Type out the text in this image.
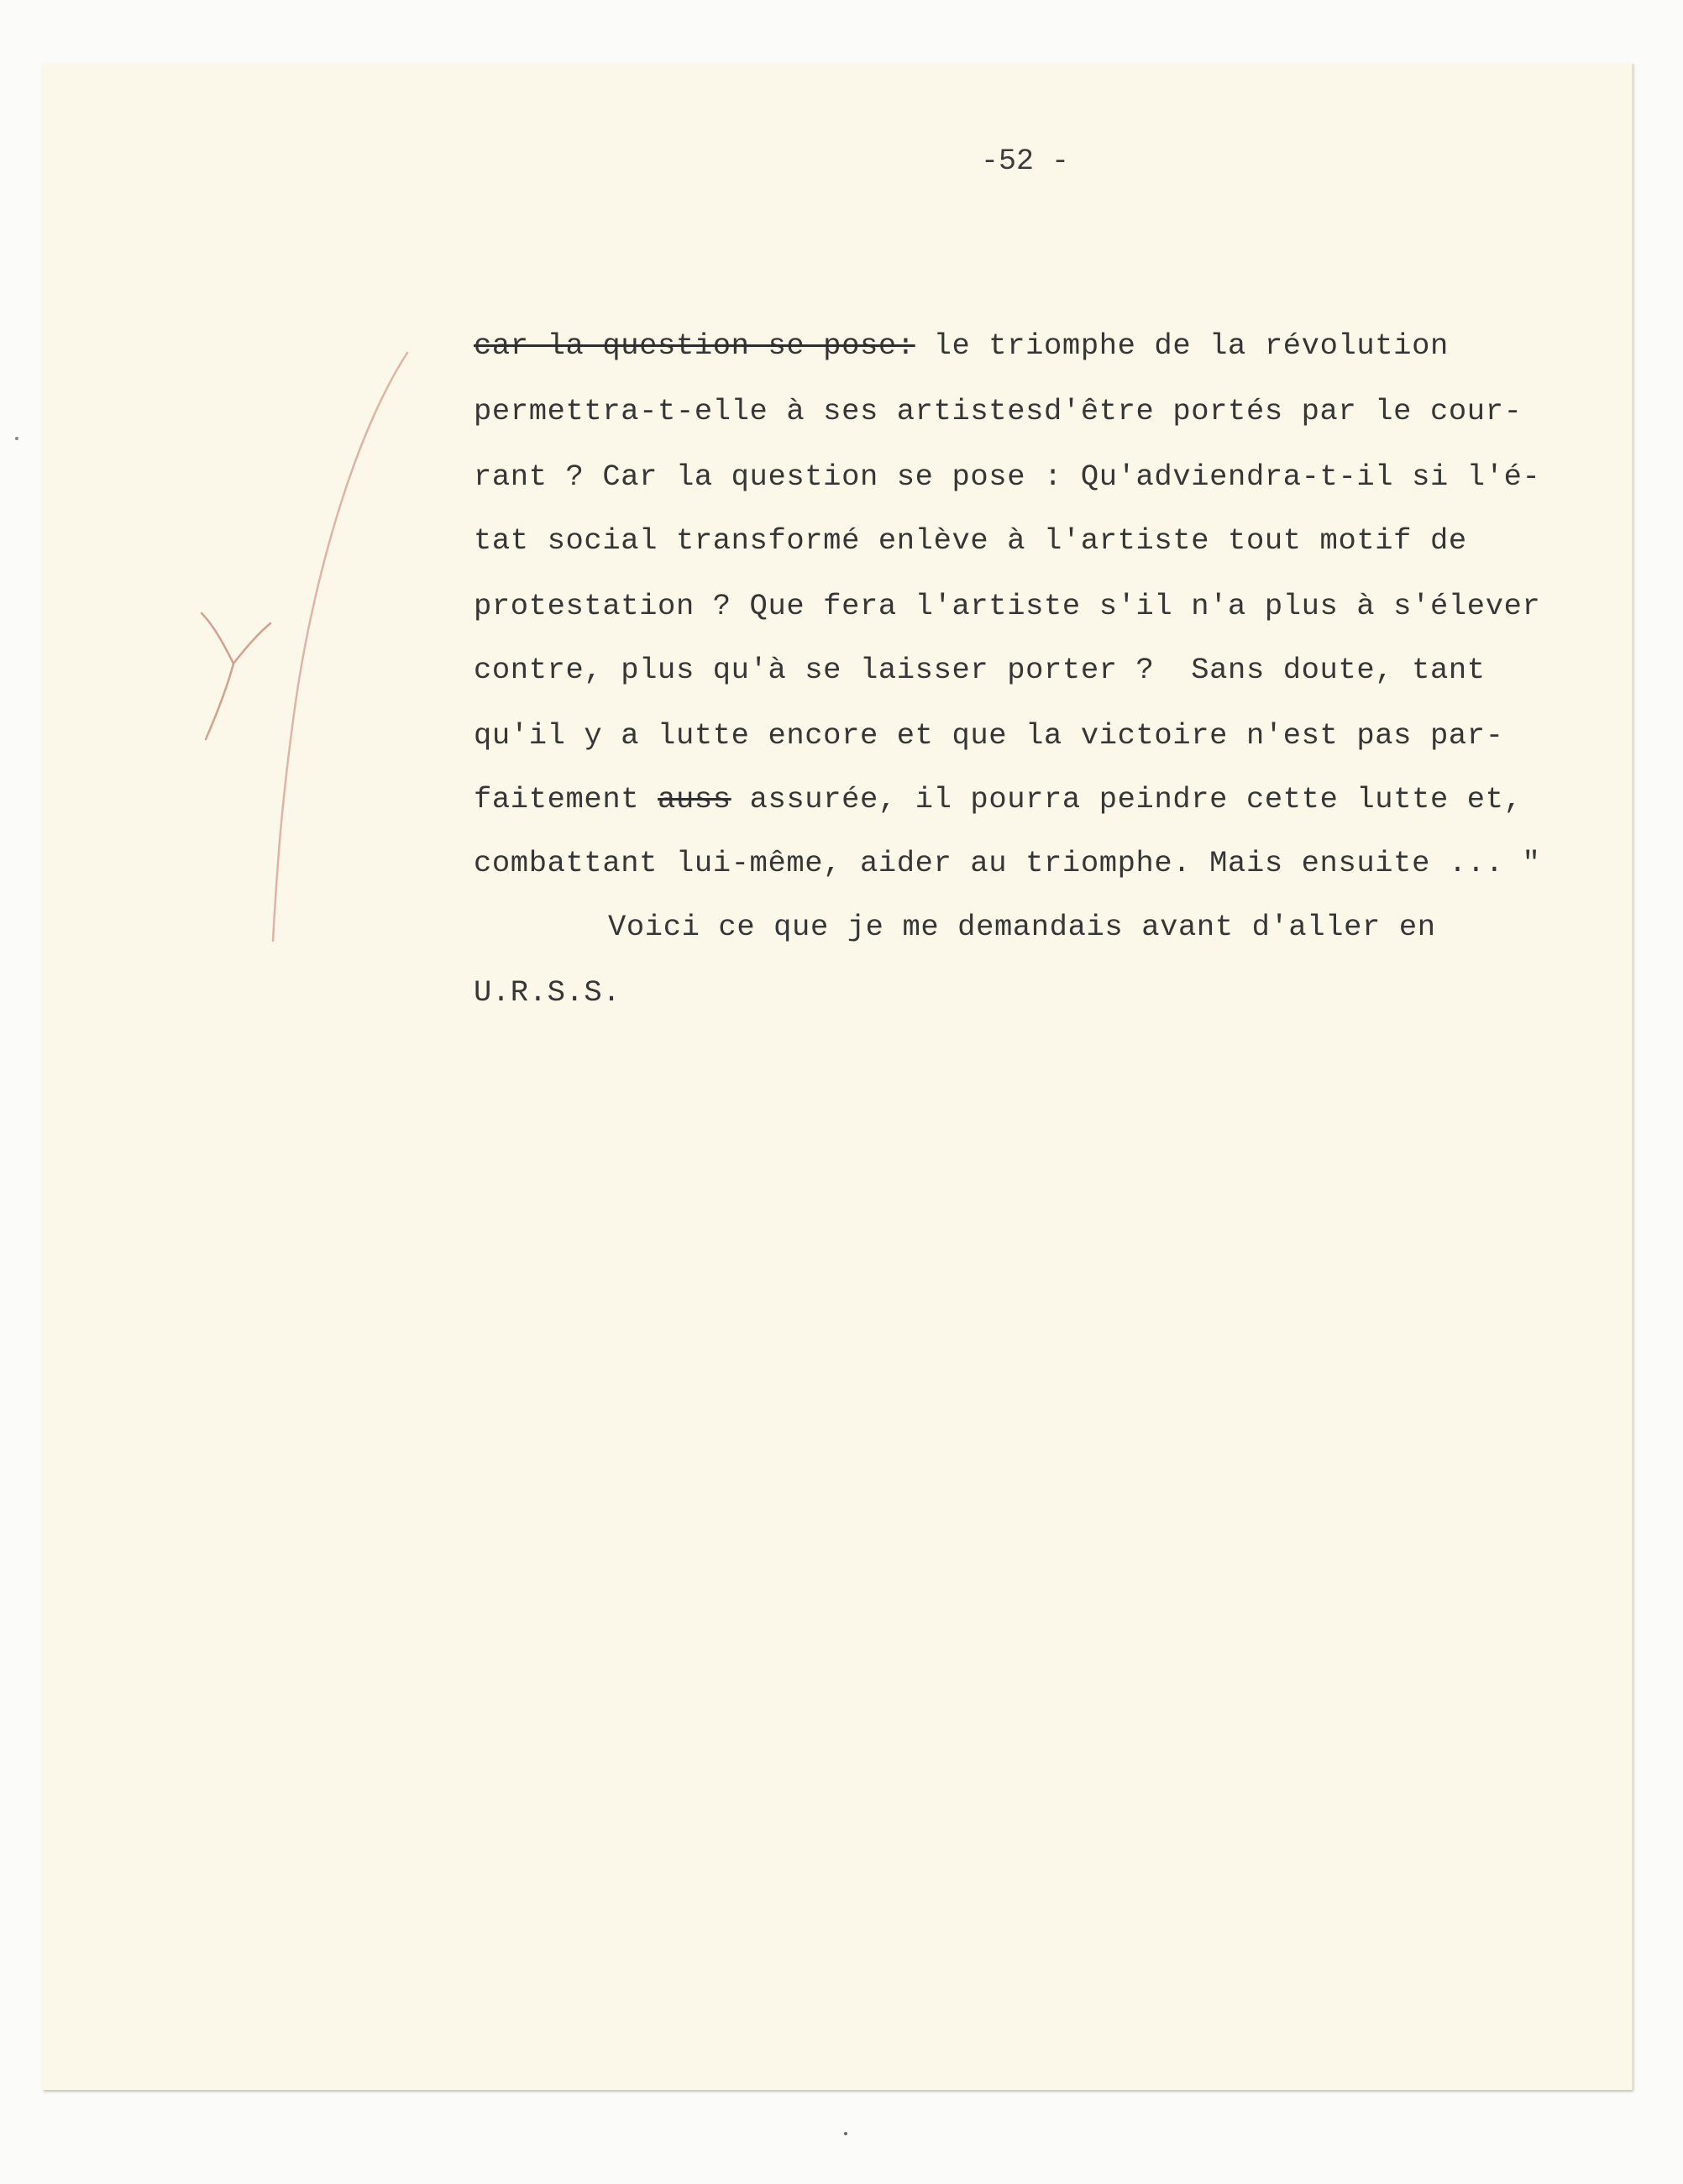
-52 -
car-la-question-se-pose: le triomphe de la révolution
permettra-t-elle à ses artistesd'être portés par le cour-
rant ? Car la question se pose : Qu'adviendra-t-il si l'é-
tat social transformé enlève à l'artiste tout motif de
protestation ? Que fera l'artiste s'il n'a plus à s'élever
contre, plus qu'à se laisser porter ?  Sans doute, tant
qu'il y a lutte encore et que la victoire n'est pas par-
faitement auss assurée, il pourra peindre cette lutte et,
combattant lui-même, aider au triomphe. Mais ensuite ... "
Voici ce que je me demandais avant d'aller en
U.R.S.S.
